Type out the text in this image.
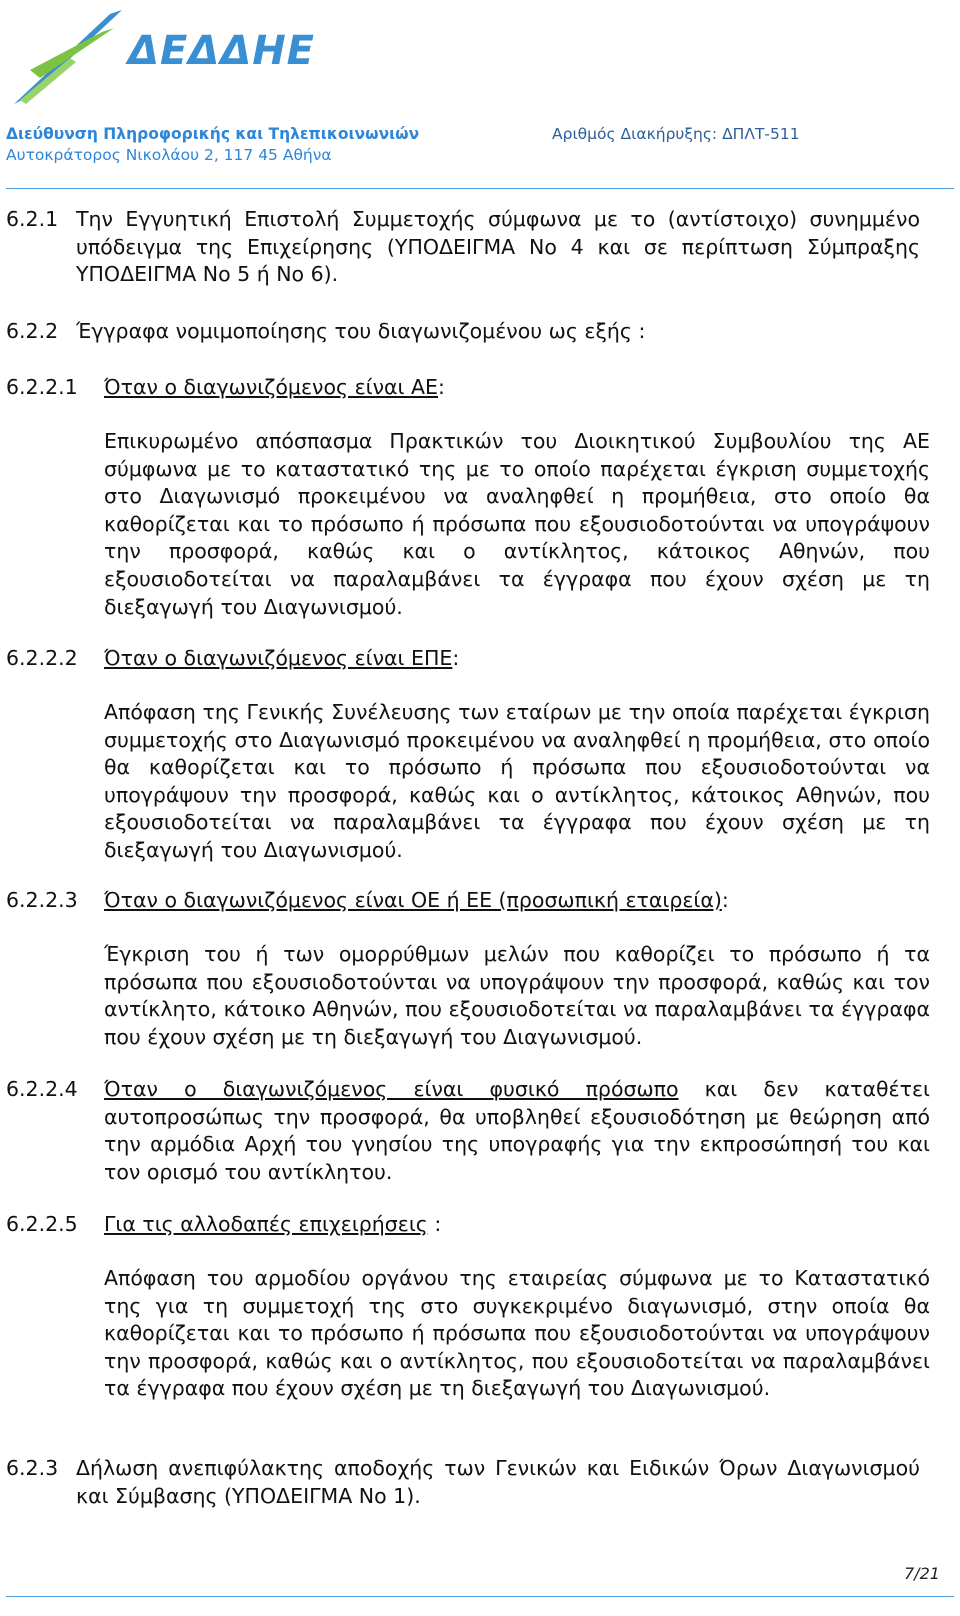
ΔΕΔΔΗΕ
Διεύθυνση Πληροφορικής και Τηλεπικοινωνιών
Αυτοκράτορος Νικολάου 2, 117 45 Αθήνα
Αριθμός Διακήρυξης: ΔΠΛΤ-511
6.2.1 Την Εγγυητική Επιστολή Συμμετοχής σύμφωνα με το (αντίστοιχο) συνημμένο υπόδειγμα της Επιχείρησης (ΥΠΟΔΕΙΓΜΑ Νο 4 και σε περίπτωση Σύμπραξης ΥΠΟΔΕΙΓΜΑ Νο 5 ή Νο 6).
6.2.2 Έγγραφα νομιμοποίησης του διαγωνιζομένου ως εξής :
6.2.2.1 Όταν ο διαγωνιζόμενος είναι ΑΕ:
Επικυρωμένο απόσπασμα Πρακτικών του Διοικητικού Συμβουλίου της ΑΕ σύμφωνα με το καταστατικό της με το οποίο παρέχεται έγκριση συμμετοχής στο Διαγωνισμό προκειμένου να αναληφθεί η προμήθεια, στο οποίο θα καθορίζεται και το πρόσωπο ή πρόσωπα που εξουσιοδοτούνται να υπογράψουν την προσφορά, καθώς και ο αντίκλητος, κάτοικος Αθηνών, που εξουσιοδοτείται να παραλαμβάνει τα έγγραφα που έχουν σχέση με τη διεξαγωγή του Διαγωνισμού.
6.2.2.2 Όταν ο διαγωνιζόμενος είναι ΕΠΕ:
Απόφαση της Γενικής Συνέλευσης των εταίρων με την οποία παρέχεται έγκριση συμμετοχής στο Διαγωνισμό προκειμένου να αναληφθεί η προμήθεια, στο οποίο θα καθορίζεται και το πρόσωπο ή πρόσωπα που εξουσιοδοτούνται να υπογράψουν την προσφορά, καθώς και ο αντίκλητος, κάτοικος Αθηνών, που εξουσιοδοτείται να παραλαμβάνει τα έγγραφα που έχουν σχέση με τη διεξαγωγή του Διαγωνισμού.
6.2.2.3 Όταν ο διαγωνιζόμενος είναι ΟΕ ή ΕΕ (προσωπική εταιρεία):
Έγκριση του ή των ομορρύθμων μελών που καθορίζει το πρόσωπο ή τα πρόσωπα που εξουσιοδοτούνται να υπογράψουν την προσφορά, καθώς και τον αντίκλητο, κάτοικο Αθηνών, που εξουσιοδοτείται να παραλαμβάνει τα έγγραφα που έχουν σχέση με τη διεξαγωγή του Διαγωνισμού.
6.2.2.4 Όταν ο διαγωνιζόμενος είναι φυσικό πρόσωπο και δεν καταθέτει αυτοπροσώπως την προσφορά, θα υποβληθεί εξουσιοδότηση με θεώρηση από την αρμόδια Αρχή του γνησίου της υπογραφής για την εκπροσώπησή του και τον ορισμό του αντίκλητου.
6.2.2.5 Για τις αλλοδαπές επιχειρήσεις :
Απόφαση του αρμοδίου οργάνου της εταιρείας σύμφωνα με το Καταστατικό της για τη συμμετοχή της στο συγκεκριμένο διαγωνισμό, στην οποία θα καθορίζεται και το πρόσωπο ή πρόσωπα που εξουσιοδοτούνται να υπογράψουν την προσφορά, καθώς και ο αντίκλητος, που εξουσιοδοτείται να παραλαμβάνει τα έγγραφα που έχουν σχέση με τη διεξαγωγή του Διαγωνισμού.
6.2.3 Δήλωση ανεπιφύλακτης αποδοχής των Γενικών και Ειδικών Όρων Διαγωνισμού και Σύμβασης (ΥΠΟΔΕΙΓΜΑ Νο 1).
7/21
